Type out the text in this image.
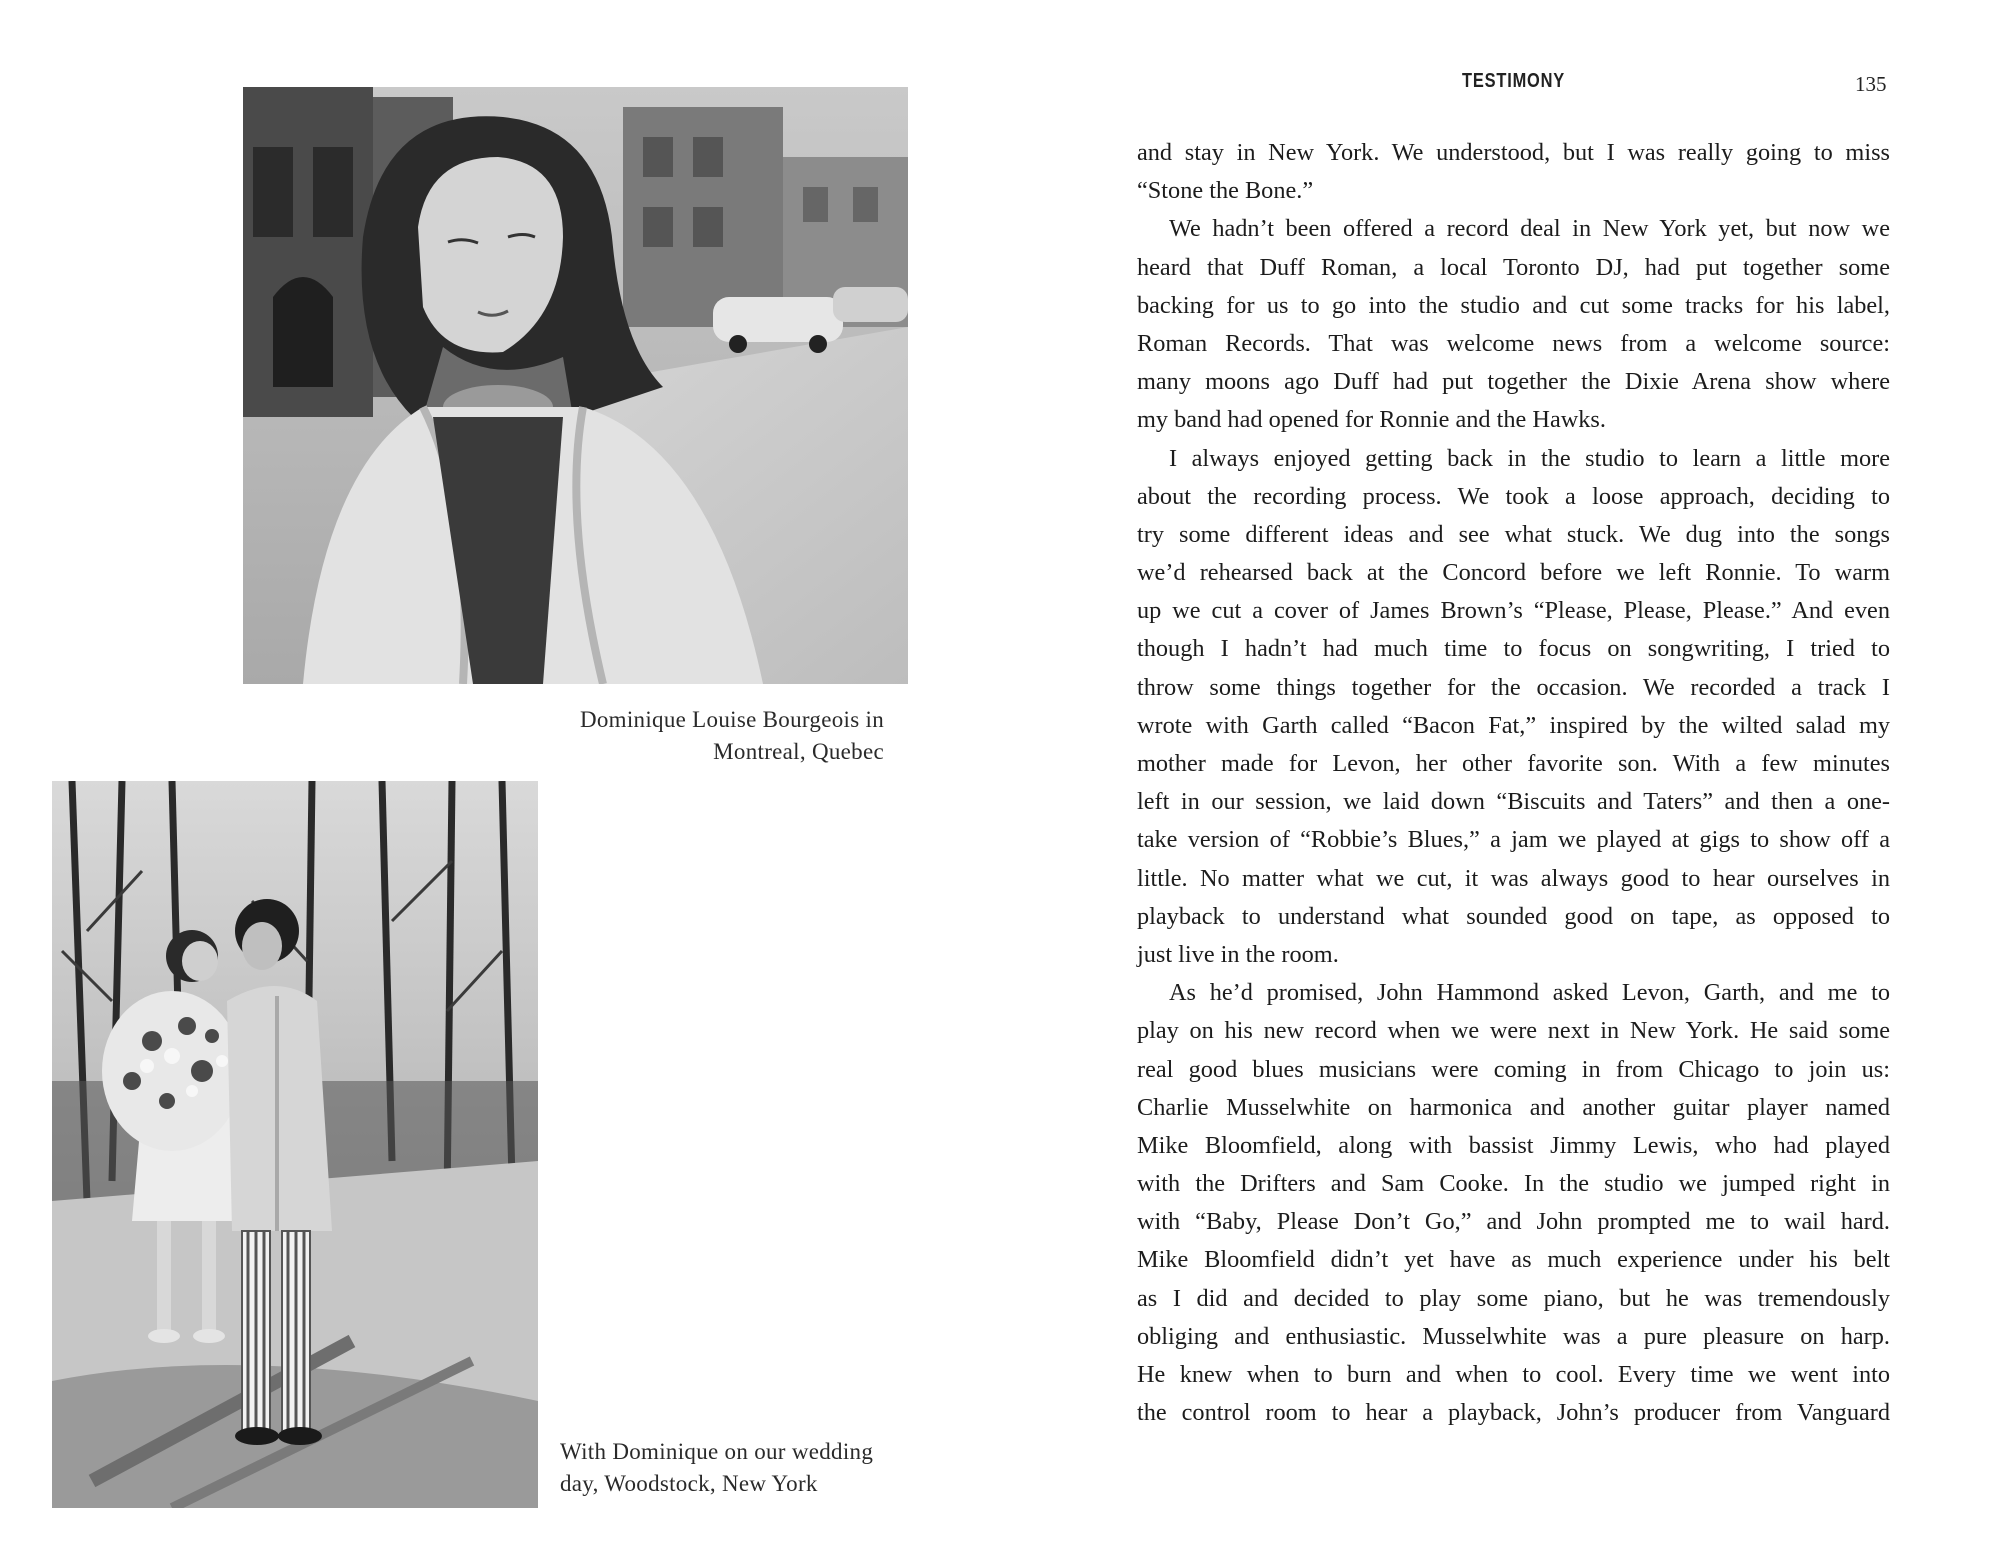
Dominique Louise Bourgeois in
Montreal, Quebec
With Dominique on our wedding
day, Woodstock, New York
TESTIMONY	135
and stay in New York. We understood, but I was really going to miss
“Stone the Bone.”
We hadn’t been offered a record deal in New York yet, but now we
heard that Duff Roman, a local Toronto DJ, had put together some
backing for us to go into the studio and cut some tracks for his label,
Roman Records. That was welcome news from a welcome source:
many moons ago Duff had put together the Dixie Arena show where
my band had opened for Ronnie and the Hawks.
I always enjoyed getting back in the studio to learn a little more
about the recording process. We took a loose approach, deciding to
try some different ideas and see what stuck. We dug into the songs
we’d rehearsed back at the Concord before we left Ronnie. To warm
up we cut a cover of James Brown’s “Please, Please, Please.” And even
though I hadn’t had much time to focus on songwriting, I tried to
throw some things together for the occasion. We recorded a track I
wrote with Garth called “Bacon Fat,” inspired by the wilted salad my
mother made for Levon, her other favorite son. With a few minutes
left in our session, we laid down “Biscuits and Taters” and then a one-
take version of “Robbie’s Blues,” a jam we played at gigs to show off a
little. No matter what we cut, it was always good to hear ourselves in
playback to understand what sounded good on tape, as opposed to
just live in the room.
As he’d promised, John Hammond asked Levon, Garth, and me to
play on his new record when we were next in New York. He said some
real good blues musicians were coming in from Chicago to join us:
Charlie Musselwhite on harmonica and another guitar player named
Mike Bloomfield, along with bassist Jimmy Lewis, who had played
with the Drifters and Sam Cooke. In the studio we jumped right in
with “Baby, Please Don’t Go,” and John prompted me to wail hard.
Mike Bloomfield didn’t yet have as much experience under his belt
as I did and decided to play some piano, but he was tremendously
obliging and enthusiastic. Musselwhite was a pure pleasure on harp.
He knew when to burn and when to cool. Every time we went into
the control room to hear a playback, John’s producer from Vanguard
